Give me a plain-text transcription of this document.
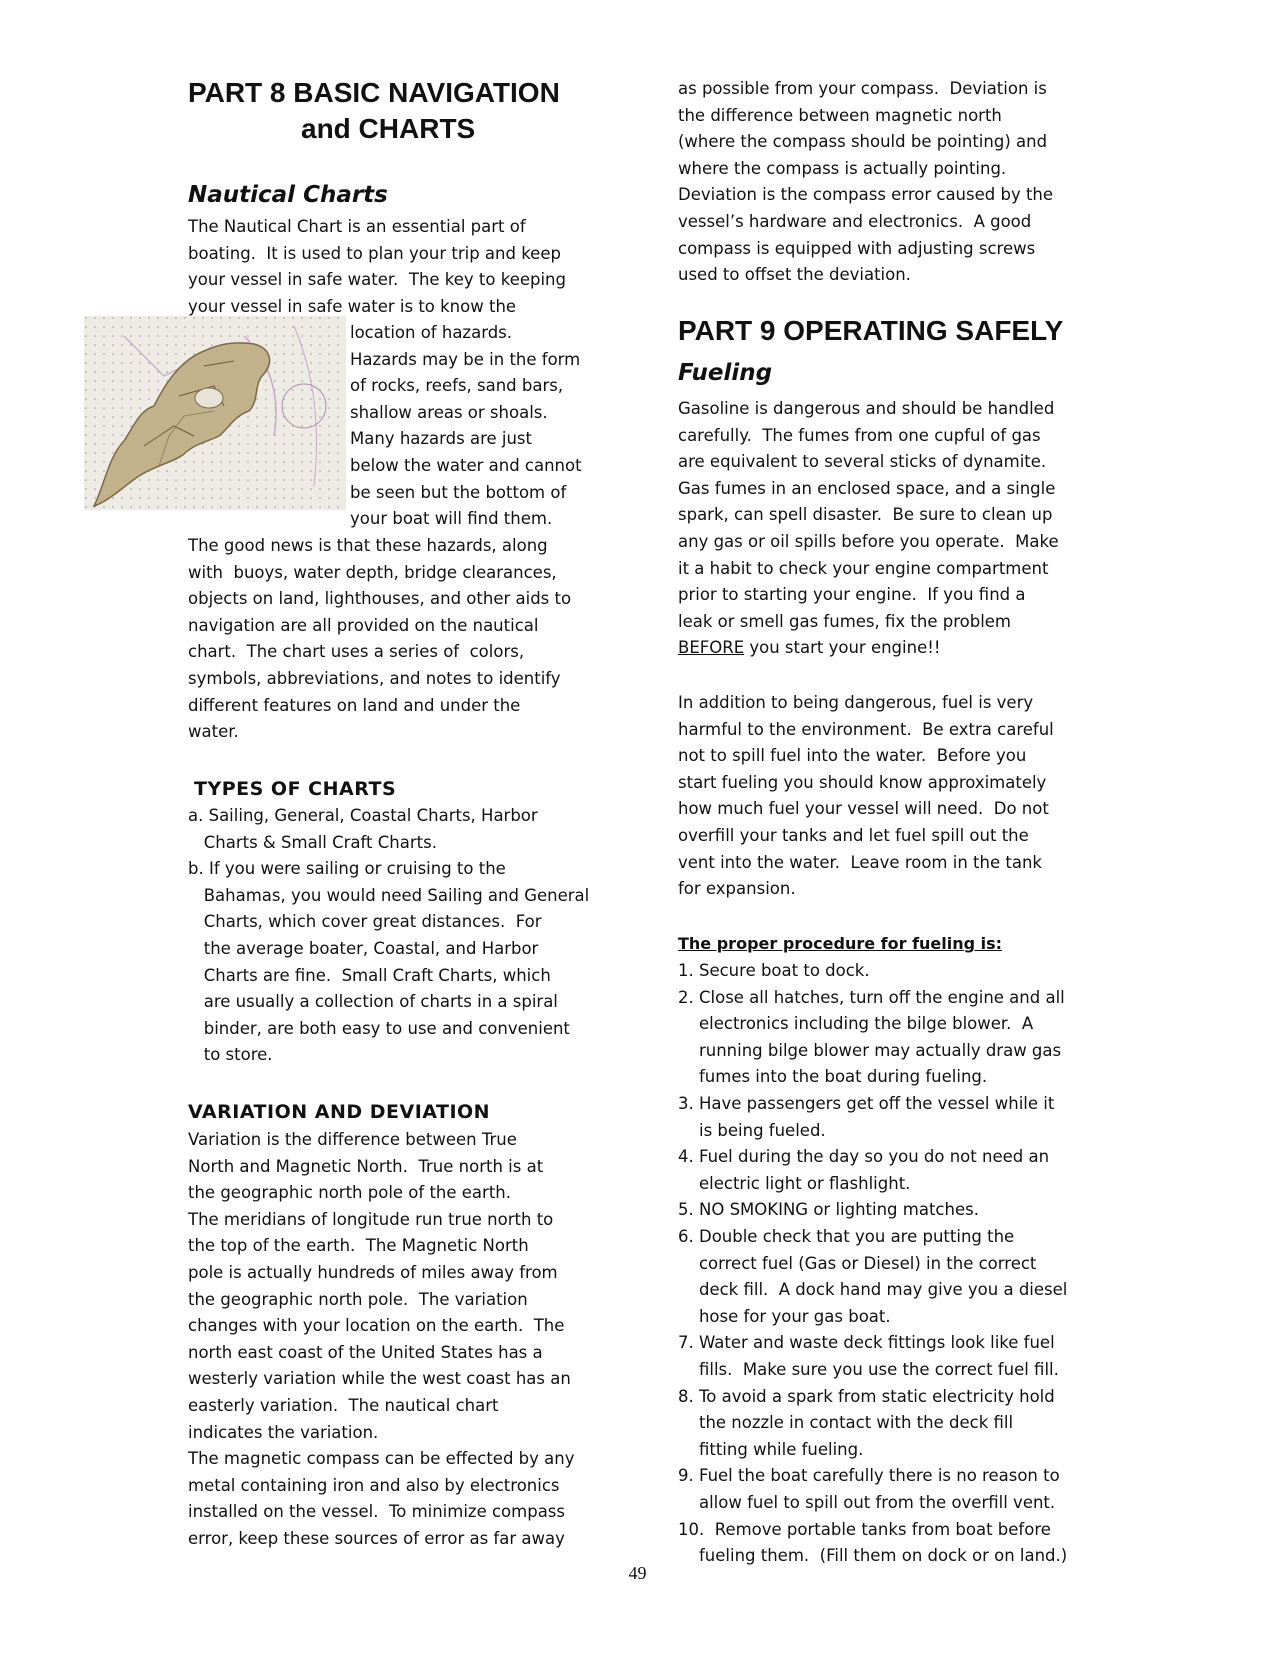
PART 8 BASIC NAVIGATION
and CHARTS
Nautical Charts
The Nautical Chart is an essential part of
boating.  It is used to plan your trip and keep
your vessel in safe water.  The key to keeping
your vessel in safe water is to know the
location of hazards.
Hazards may be in the form
of rocks, reefs, sand bars,
shallow areas or shoals.
Many hazards are just
below the water and cannot
be seen but the bottom of
your boat will find them.
The good news is that these hazards, along
with  buoys, water depth, bridge clearances,
objects on land, lighthouses, and other aids to
navigation are all provided on the nautical
chart.  The chart uses a series of  colors,
symbols, abbreviations, and notes to identify
different features on land and under the
water.
TYPES OF CHARTS
a. Sailing, General, Coastal Charts, Harbor
Charts & Small Craft Charts.
b. If you were sailing or cruising to the
Bahamas, you would need Sailing and General
Charts, which cover great distances.  For
the average boater, Coastal, and Harbor
Charts are fine.  Small Craft Charts, which
are usually a collection of charts in a spiral
binder, are both easy to use and convenient
to store.
VARIATION AND DEVIATION
Variation is the difference between True
North and Magnetic North.  True north is at
the geographic north pole of the earth.
The meridians of longitude run true north to
the top of the earth.  The Magnetic North
pole is actually hundreds of miles away from
the geographic north pole.  The variation
changes with your location on the earth.  The
north east coast of the United States has a
westerly variation while the west coast has an
easterly variation.  The nautical chart
indicates the variation.
The magnetic compass can be effected by any
metal containing iron and also by electronics
installed on the vessel.  To minimize compass
error, keep these sources of error as far away
as possible from your compass.  Deviation is
the difference between magnetic north
(where the compass should be pointing) and
where the compass is actually pointing.
Deviation is the compass error caused by the
vessel’s hardware and electronics.  A good
compass is equipped with adjusting screws
used to offset the deviation.
PART 9 OPERATING SAFELY
Fueling
Gasoline is dangerous and should be handled
carefully.  The fumes from one cupful of gas
are equivalent to several sticks of dynamite.
Gas fumes in an enclosed space, and a single
spark, can spell disaster.  Be sure to clean up
any gas or oil spills before you operate.  Make
it a habit to check your engine compartment
prior to starting your engine.  If you find a
leak or smell gas fumes, fix the problem
BEFORE you start your engine!!
In addition to being dangerous, fuel is very
harmful to the environment.  Be extra careful
not to spill fuel into the water.  Before you
start fueling you should know approximately
how much fuel your vessel will need.  Do not
overfill your tanks and let fuel spill out the
vent into the water.  Leave room in the tank
for expansion.
The proper procedure for fueling is:
1. Secure boat to dock.
2. Close all hatches, turn off the engine and all
electronics including the bilge blower.  A
running bilge blower may actually draw gas
fumes into the boat during fueling.
3. Have passengers get off the vessel while it
is being fueled.
4. Fuel during the day so you do not need an
electric light or flashlight.
5. NO SMOKING or lighting matches.
6. Double check that you are putting the
correct fuel (Gas or Diesel) in the correct
deck fill.  A dock hand may give you a diesel
hose for your gas boat.
7. Water and waste deck fittings look like fuel
fills.  Make sure you use the correct fuel fill.
8. To avoid a spark from static electricity hold
the nozzle in contact with the deck fill
fitting while fueling.
9. Fuel the boat carefully there is no reason to
allow fuel to spill out from the overfill vent.
10.  Remove portable tanks from boat before
fueling them.  (Fill them on dock or on land.)
49
